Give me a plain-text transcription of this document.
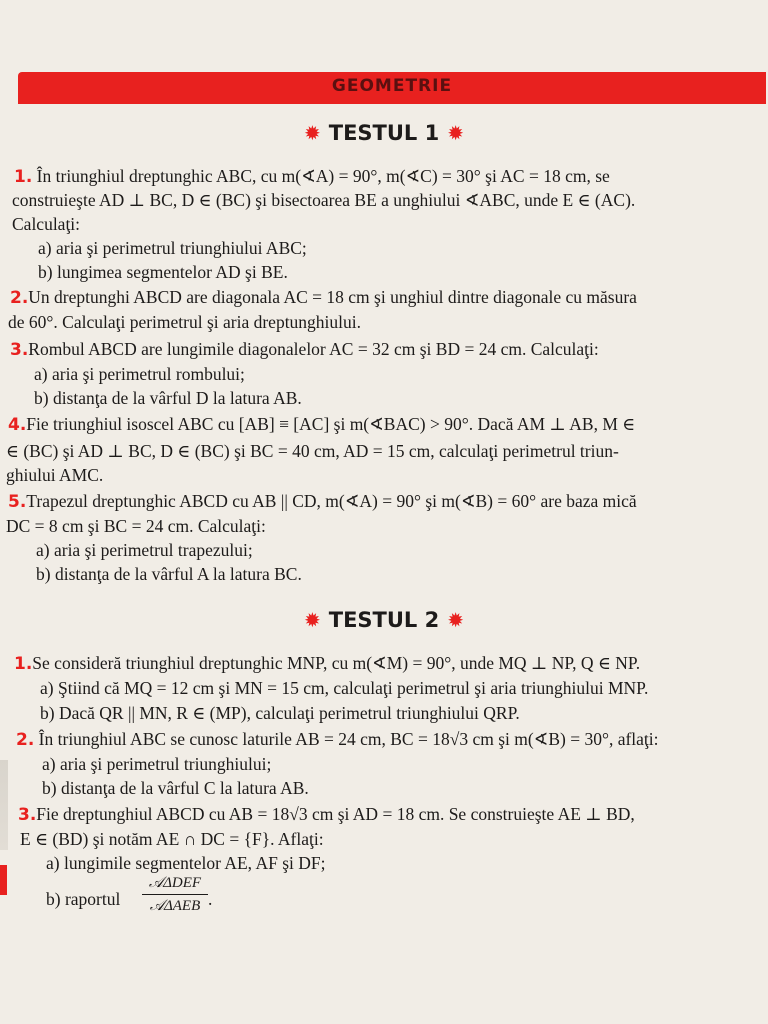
GEOMETRIE
✹ TESTUL 1 ✹
✹ TESTUL 2 ✹
1. În triunghiul dreptunghic ABC, cu m(∢A) = 90°, m(∢C) = 30° şi AC = 18 cm, se
construieşte AD ⊥ BC, D ∈ (BC) şi bisectoarea BE a unghiului ∢ABC, unde E ∈ (AC).
Calculaţi:
a) aria şi perimetrul triunghiului ABC;
b) lungimea segmentelor AD şi BE.
2.Un dreptunghi ABCD are diagonala AC = 18 cm şi unghiul dintre diagonale cu măsura
de 60°. Calculaţi perimetrul şi aria dreptunghiului.
3.Rombul ABCD are lungimile diagonalelor AC = 32 cm şi BD = 24 cm. Calculaţi:
a) aria şi perimetrul rombului;
b) distanţa de la vârful D la latura AB.
4.Fie triunghiul isoscel ABC cu [AB] ≡ [AC] şi m(∢BAC) > 90°. Dacă AM ⊥ AB, M ∈
∈ (BC) şi AD ⊥ BC, D ∈ (BC) şi BC = 40 cm, AD = 15 cm, calculaţi perimetrul triun-
ghiului AMC.
5.Trapezul dreptunghic ABCD cu AB || CD, m(∢A) = 90° şi m(∢B) = 60° are baza mică
DC = 8 cm şi BC = 24 cm. Calculaţi:
a) aria şi perimetrul trapezului;
b) distanţa de la vârful A la latura BC.
1.Se consideră triunghiul dreptunghic MNP, cu m(∢M) = 90°, unde MQ ⊥ NP, Q ∈ NP.
a) Ştiind că MQ = 12 cm şi MN = 15 cm, calculaţi perimetrul şi aria triunghiului MNP.
b) Dacă QR || MN, R ∈ (MP), calculaţi perimetrul triunghiului QRP.
2. În triunghiul ABC se cunosc laturile AB = 24 cm, BC = 18√3 cm şi m(∢B) = 30°, aflaţi:
a) aria şi perimetrul triunghiului;
b) distanţa de la vârful C la latura AB.
3.Fie dreptunghiul ABCD cu AB = 18√3 cm şi AD = 18 cm. Se construieşte AE ⊥ BD,
E ∈ (BD) şi notăm AE ∩ DC = {F}. Aflaţi:
a) lungimile segmentelor AE, AF şi DF;
b) raportul
𝒜ΔDEF
𝒜ΔAEB .
